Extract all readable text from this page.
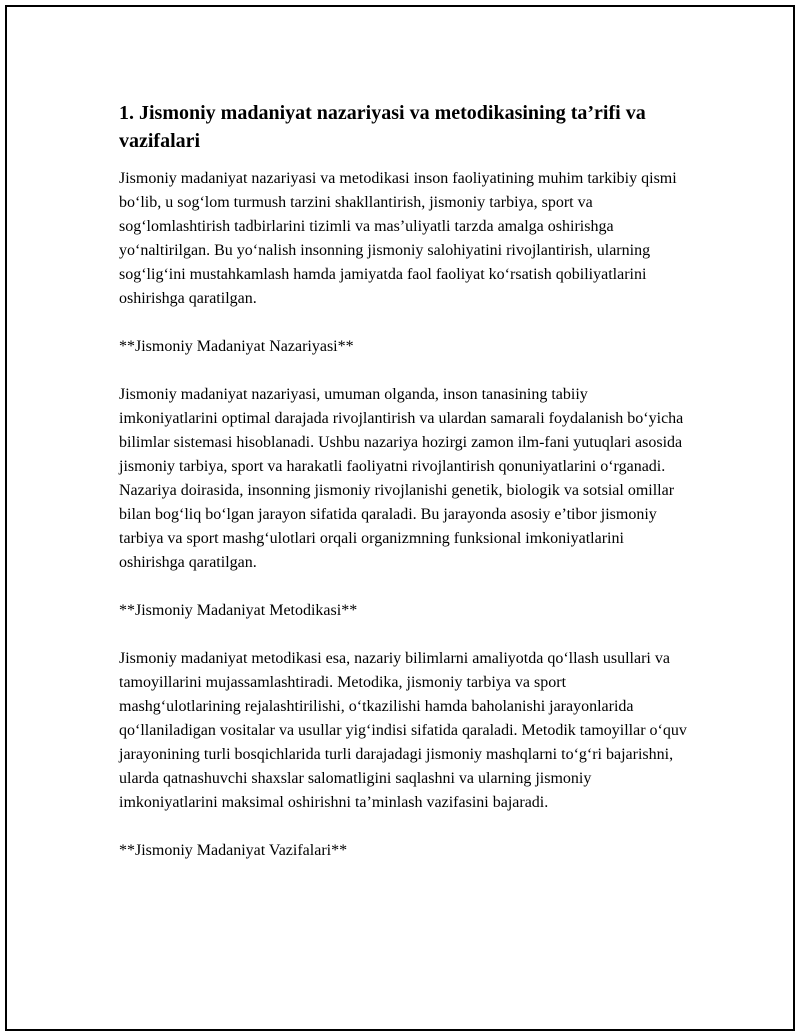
1. Jismoniy madaniyat nazariyasi va metodikasining ta’rifi va vazifalari

Jismoniy madaniyat nazariyasi va metodikasi inson faoliyatining muhim tarkibiy qismi boʻlib, u sogʻlom turmush tarzini shakllantirish, jismoniy tarbiya, sport va sogʻlomlashtirish tadbirlarini tizimli va mas’uliyatli tarzda amalga oshirishga yoʻnaltirilgan. Bu yoʻnalish insonning jismoniy salohiyatini rivojlantirish, ularning sogʻligʻini mustahkamlash hamda jamiyatda faol faoliyat koʻrsatish qobiliyatlarini oshirishga qaratilgan.

**Jismoniy Madaniyat Nazariyasi**

Jismoniy madaniyat nazariyasi, umuman olganda, inson tanasining tabiiy imkoniyatlarini optimal darajada rivojlantirish va ulardan samarali foydalanish boʻyicha bilimlar sistemasi hisoblanadi. Ushbu nazariya hozirgi zamon ilm-fani yutuqlari asosida jismoniy tarbiya, sport va harakatli faoliyatni rivojlantirish qonuniyatlarini oʻrganadi. Nazariya doirasida, insonning jismoniy rivojlanishi genetik, biologik va sotsial omillar bilan bogʻliq boʻlgan jarayon sifatida qaraladi. Bu jarayonda asosiy e’tibor jismoniy tarbiya va sport mashgʻulotlari orqali organizmning funksional imkoniyatlarini oshirishga qaratilgan.

**Jismoniy Madaniyat Metodikasi**

Jismoniy madaniyat metodikasi esa, nazariy bilimlarni amaliyotda qoʻllash usullari va tamoyillarini mujassamlashtiradi. Metodika, jismoniy tarbiya va sport mashgʻulotlarining rejalashtirilishi, oʻtkazilishi hamda baholanishi jarayonlarida qoʻllaniladigan vositalar va usullar yigʻindisi sifatida qaraladi. Metodik tamoyillar oʻquv jarayonining turli bosqichlarida turli darajadagi jismoniy mashqlarni toʻgʻri bajarishni, ularda qatnashuvchi shaxslar salomatligini saqlashni va ularning jismoniy imkoniyatlarini maksimal oshirishni ta’minlash vazifasini bajaradi.

**Jismoniy Madaniyat Vazifalari**
